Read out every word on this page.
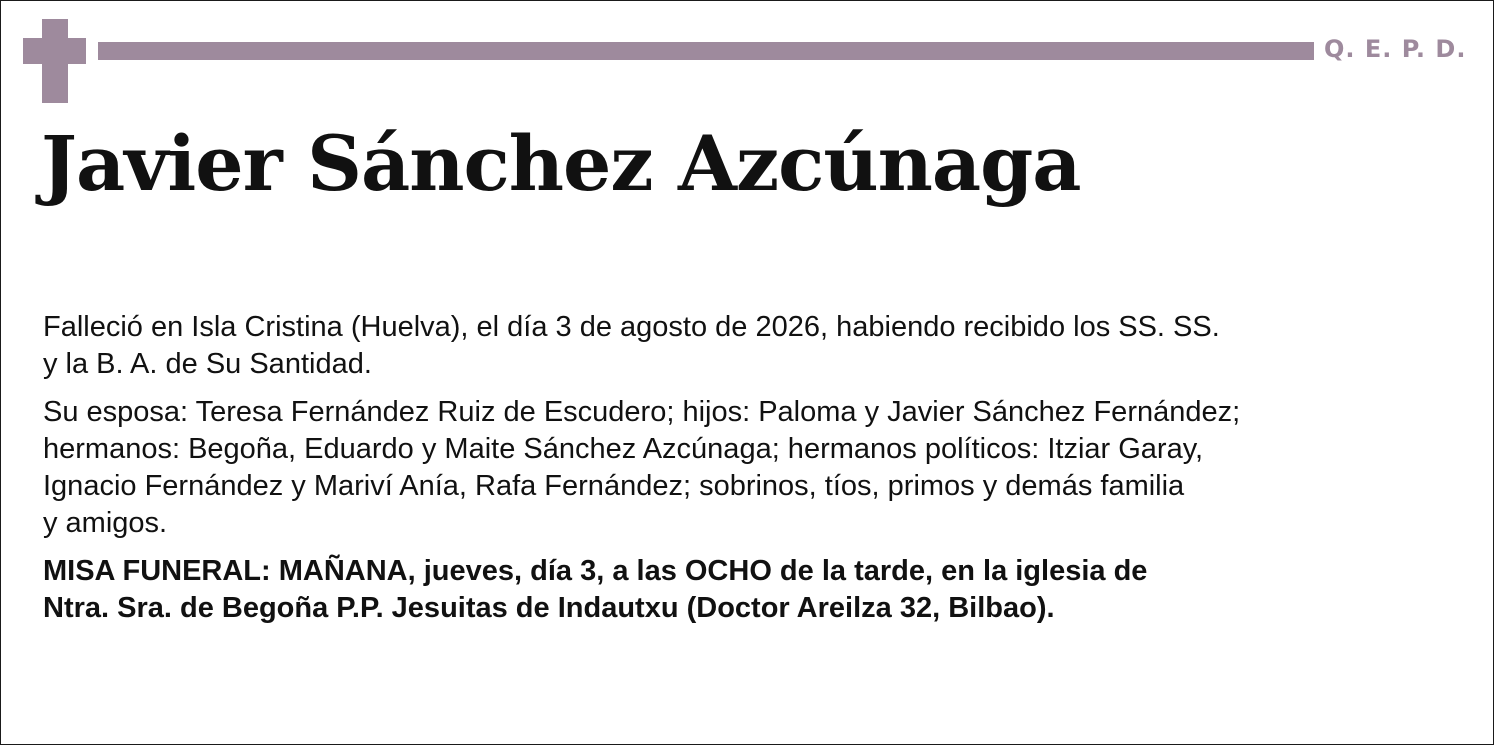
Q. E. P. D.
Javier Sánchez Azcúnaga
Falleció en Isla Cristina (Huelva), el día 3 de agosto de 2026, habiendo recibido los SS. SS.
y la B. A. de Su Santidad.
Su esposa: Teresa Fernández Ruiz de Escudero; hijos: Paloma y Javier Sánchez Fernández;
hermanos: Begoña, Eduardo y Maite Sánchez Azcúnaga; hermanos políticos: Itziar Garay,
Ignacio Fernández y Mariví Anía, Rafa Fernández; sobrinos, tíos, primos y demás familia
y amigos.
MISA FUNERAL: MAÑANA, jueves, día 3, a las OCHO de la tarde, en la iglesia de
Ntra. Sra. de Begoña P.P. Jesuitas de Indautxu (Doctor Areilza 32, Bilbao).
